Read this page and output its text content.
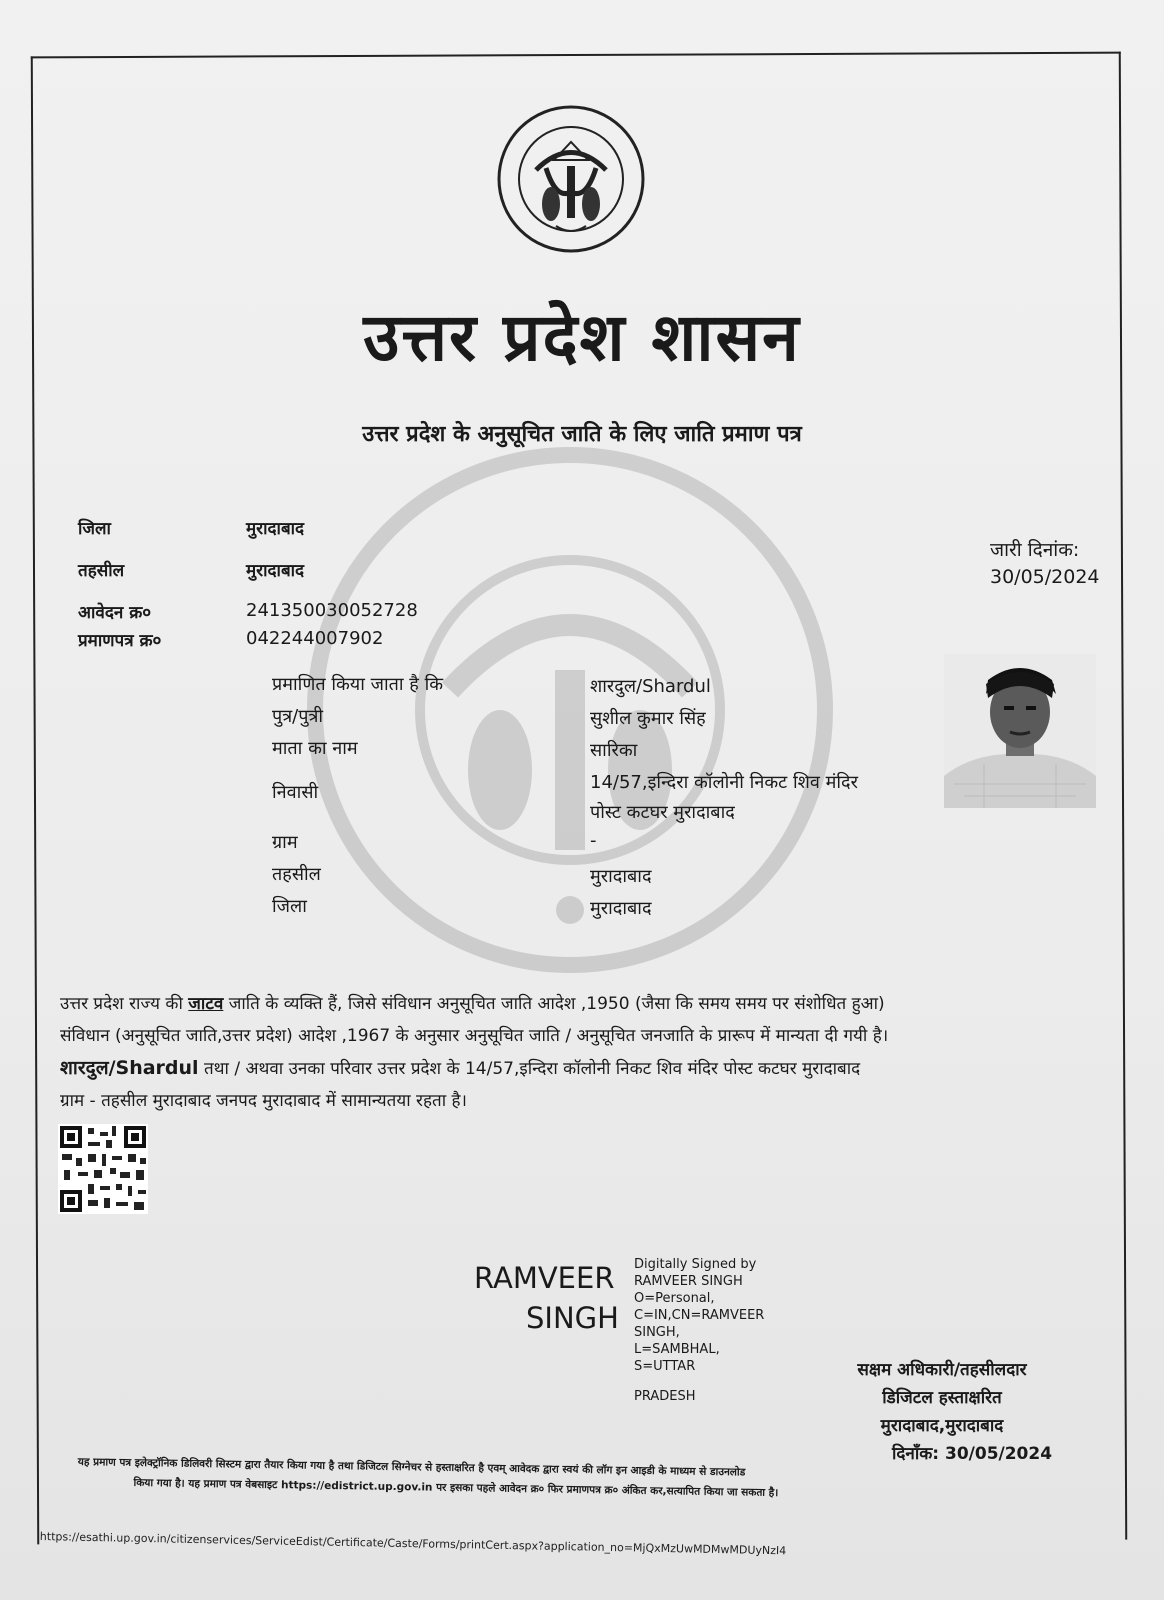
उत्तर प्रदेश शासन
उत्तर प्रदेश के अनुसूचित जाति के लिए जाति प्रमाण पत्र
जिला	मुरादाबाद
तहसील	मुरादाबाद
आवेदन क्र०	241350030052728
प्रमाणपत्र क्र०	042244007902
जारी दिनांक:
30/05/2024
प्रमाणित किया जाता है कि	शारदुल/Shardul
पुत्र/पुत्री	सुशील कुमार सिंह
माता का नाम	सारिका
निवासी	14/57,इन्दिरा कॉलोनी निकट शिव मंदिर
पोस्ट कटघर मुरादाबाद
ग्राम	-
तहसील	मुरादाबाद
जिला	मुरादाबाद

उत्तर प्रदेश राज्य की जाटव जाति के व्यक्ति हैं, जिसे संविधान अनुसूचित जाति आदेश ,1950 (जैसा कि समय समय पर संशोधित हुआ)

संविधान (अनुसूचित जाति,उत्तर प्रदेश) आदेश ,1967 के अनुसार अनुसूचित जाति / अनुसूचित जनजाति के प्रारूप में मान्यता दी गयी है।

शारदुल/Shardul तथा / अथवा उनका परिवार उत्तर प्रदेश के 14/57,इन्दिरा कॉलोनी निकट शिव मंदिर पोस्ट कटघर मुरादाबाद

ग्राम - तहसील मुरादाबाद जनपद मुरादाबाद में सामान्यतया रहता है।

RAMVEER
SINGH
Digitally Signed by
RAMVEER SINGH
O=Personal,
C=IN,CN=RAMVEER
SINGH,
L=SAMBHAL,
S=UTTAR
PRADESH
सक्षम अधिकारी/तहसीलदार
डिजिटल हस्ताक्षरित
मुरादाबाद,मुरादाबाद
दिनाँक: 30/05/2024
यह प्रमाण पत्र इलेक्ट्रॉनिक डिलिवरी सिस्टम द्वारा तैयार किया गया है तथा डिजिटल सिग्नेचर से हस्ताक्षरित है एवम् आवेदक द्वारा स्वयं की लॉग इन आइडी के माध्यम से डाउनलोड
किया गया है। यह प्रमाण पत्र वेबसाइट https://edistrict.up.gov.in पर इसका पहले आवेदन क्र० फिर प्रमाणपत्र क्र० अंकित कर,सत्यापित किया जा सकता है।
https://esathi.up.gov.in/citizenservices/ServiceEdist/Certificate/Caste/Forms/printCert.aspx?application_no=MjQxMzUwMDMwMDUyNzI4
